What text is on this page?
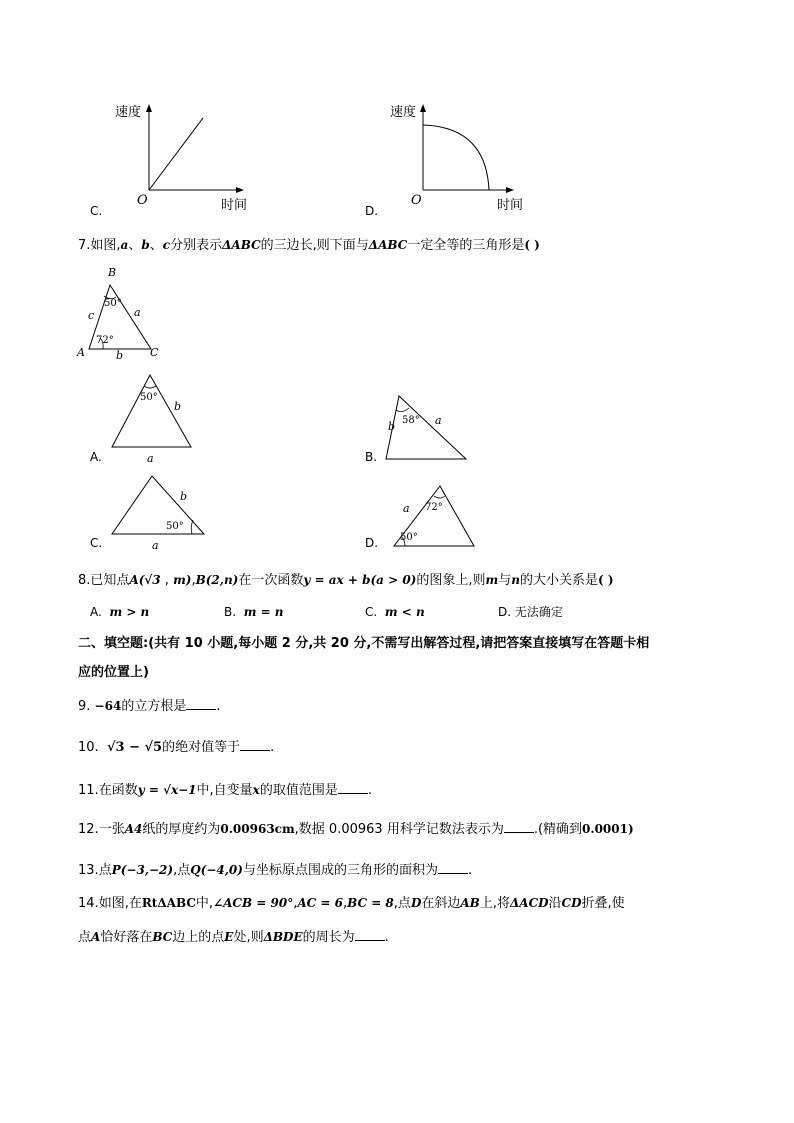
C.
速度
时间
O
D.
速度
时间
O
7.如图,a、b、c分别表示ΔABC的三边长,则下面与ΔABC一定全等的三角形是( )
B
A	C
50°
72°
a
b
c
A.
50°
b
a	B.
58°
b	a
C.
50°
b
a	D.
72°
50°
a
8.已知点A(√3 , m),B(2,n)在一次函数y = ax + b(a > 0)的图象上,则m与n的大小关系是( )
A. m > n	B. m = n	C. m < n	D. 无法确定
二、填空题:(共有 10 小题,每小题 2 分,共 20 分,不需写出解答过程,请把答案直接填写在答题卡相
应的位置上)
9. −64的立方根是 .
10. √3 − √5的绝对值等于 .
11.在函数y = √x−1中,自变量x的取值范围是 .
12.一张A4纸的厚度约为0.00963cm,数据 0.00963 用科学记数法表示为 .(精确到0.0001)
13.点P(−3,−2),点Q(−4,0)与坐标原点围成的三角形的面积为 .
14.如图,在RtΔABC中,∠ACB = 90°,AC = 6,BC = 8,点D在斜边AB上,将ΔACD沿CD折叠,使
点A恰好落在BC边上的点E处,则ΔBDE的周长为 .
